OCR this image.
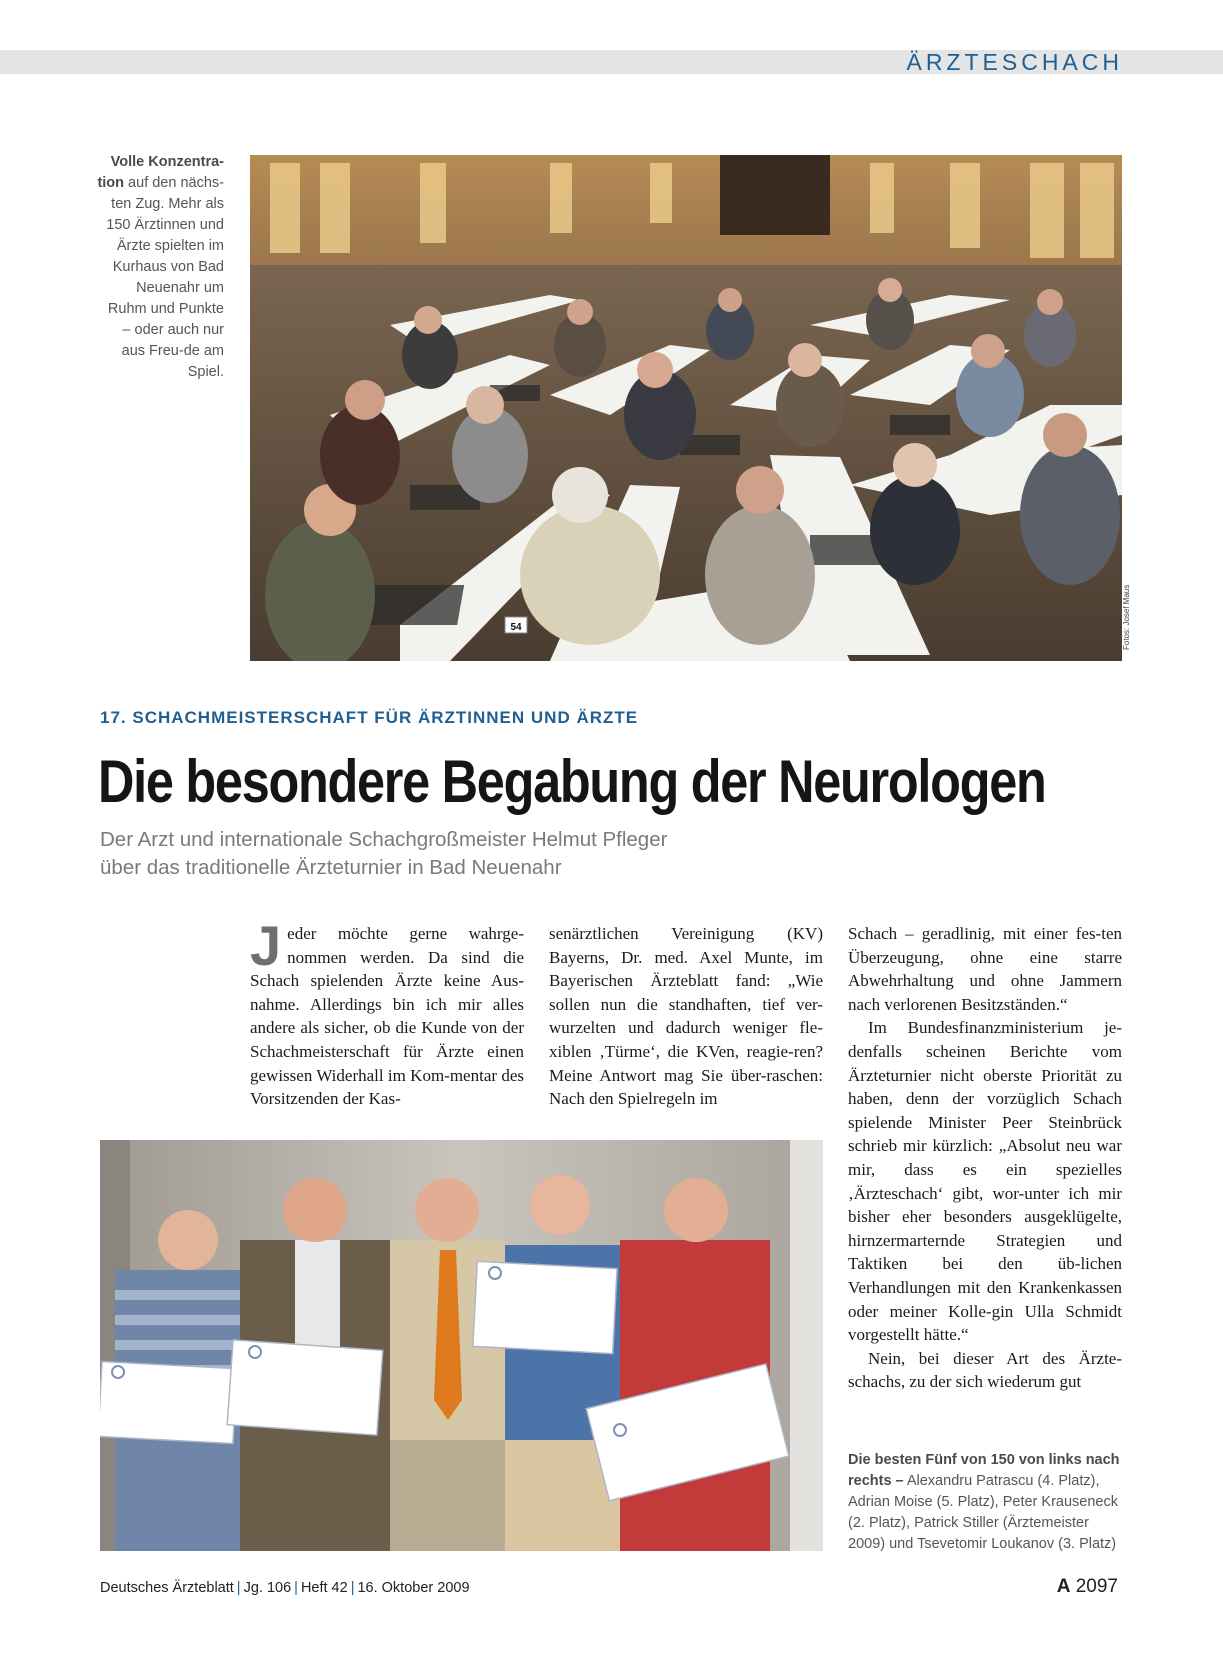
ÄRZTESCHACH
Volle Konzentra-tion auf den nächs-ten Zug. Mehr als 150 Ärztinnen und Ärzte spielten im Kurhaus von Bad Neuenahr um Ruhm und Punkte – oder auch nur aus Freu-de am Spiel.
54	Fotos: Josef Maus
17. SCHACHMEISTERSCHAFT FÜR ÄRZTINNEN UND ÄRZTE
Die besondere Begabung der Neurologen
Der Arzt und internationale Schachgroßmeister Helmut Pfleger
über das traditionelle Ärzteturnier in Bad Neuenahr

Jeder möchte gerne wahrge-nommen werden. Da sind die Schach spielenden Ärzte keine Aus-nahme. Allerdings bin ich mir alles andere als sicher, ob die Kunde von der Schachmeisterschaft für Ärzte einen gewissen Widerhall im Kom-mentar des Vorsitzenden der Kas-

senärztlichen Vereinigung (KV) Bayerns, Dr. med. Axel Munte, im Bayerischen Ärzteblatt fand: „Wie sollen nun die standhaften, tief ver-wurzelten und dadurch weniger fle-xiblen ‚Türme‘, die KVen, reagie-ren? Meine Antwort mag Sie über-raschen: Nach den Spielregeln im

Schach – geradlinig, mit einer fes-ten Überzeugung, ohne eine starre Abwehrhaltung und ohne Jammern nach verlorenen Besitzständen.“

Im Bundesfinanzministerium je-denfalls scheinen Berichte vom Ärzteturnier nicht oberste Priorität zu haben, denn der vorzüglich Schach spielende Minister Peer Steinbrück schrieb mir kürzlich: „Absolut neu war mir, dass es ein spezielles ‚Ärzteschach‘ gibt, wor-unter ich mir bisher eher besonders ausgeklügelte, hirnzermarternde Strategien und Taktiken bei den üb-lichen Verhandlungen mit den Krankenkassen oder meiner Kolle-gin Ulla Schmidt vorgestellt hätte.“

Nein, bei dieser Art des Ärzte-schachs, zu der sich wiederum gut

Die besten Fünf von 150 von links nach rechts – Alexandru Patrascu (4. Platz), Adrian Moise (5. Platz), Peter Krauseneck (2. Platz), Patrick Stiller (Ärztemeister 2009) und Tsevetomir Loukanov (3. Platz)
Deutsches Ärzteblatt | Jg. 106 | Heft 42 | 16. Oktober 2009	A 2097
